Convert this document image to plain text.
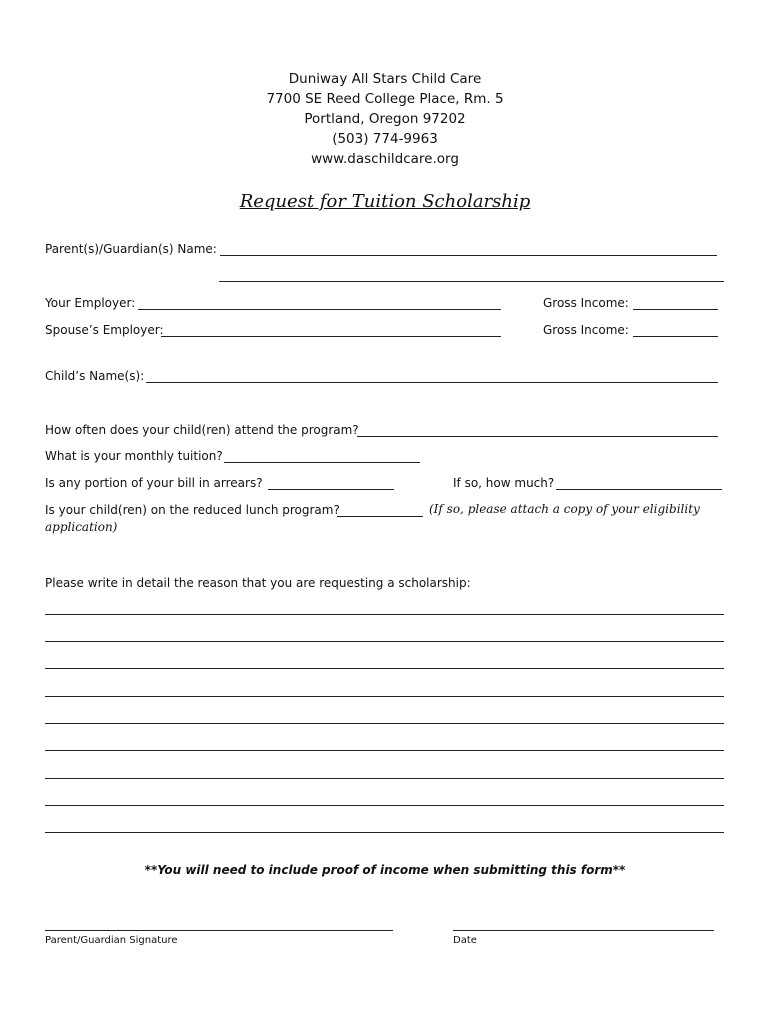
Duniway All Stars Child Care
7700 SE Reed College Place, Rm. 5
Portland, Oregon 97202
(503) 774-9963
www.daschildcare.org
Request for Tuition Scholarship
Parent(s)/Guardian(s) Name:
Your Employer:	Gross Income:
Spouse’s Employer:	Gross Income:
Child’s Name(s):
How often does your child(ren) attend the program?
What is your monthly tuition?
Is any portion of your bill in arrears?	If so, how much?
Is your child(ren) on the reduced lunch program?	(If so, please attach a copy of your eligibility
application)
Please write in detail the reason that you are requesting a scholarship:
**You will need to include proof of income when submitting this form**
Parent/Guardian Signature	Date
